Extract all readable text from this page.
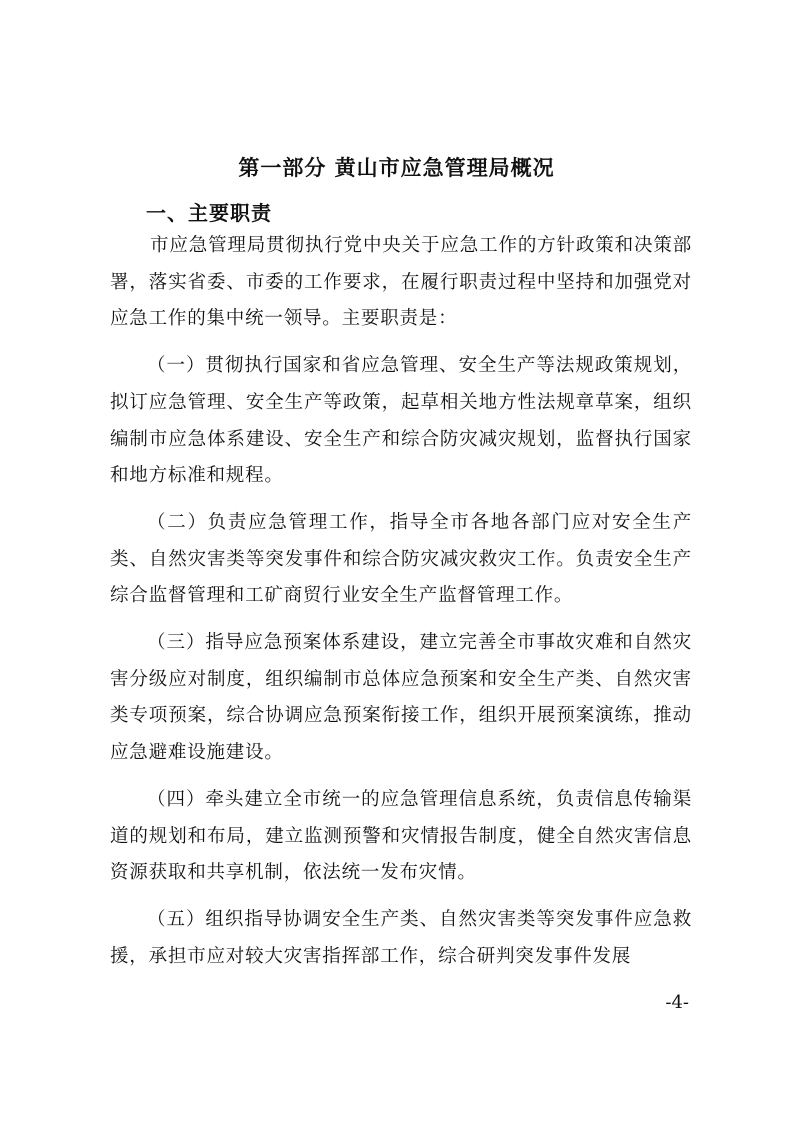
第一部分 黄山市应急管理局概况
一、主要职责

市应急管理局贯彻执行党中央关于应急工作的方针政策和决策部署，落实省委、市委的工作要求，在履行职责过程中坚持和加强党对应急工作的集中统一领导。主要职责是：

（一）贯彻执行国家和省应急管理、安全生产等法规政策规划，拟订应急管理、安全生产等政策，起草相关地方性法规章草案，组织编制市应急体系建设、安全生产和综合防灾减灾规划，监督执行国家和地方标准和规程。

（二）负责应急管理工作，指导全市各地各部门应对安全生产类、自然灾害类等突发事件和综合防灾减灾救灾工作。负责安全生产综合监督管理和工矿商贸行业安全生产监督管理工作。

（三）指导应急预案体系建设，建立完善全市事故灾难和自然灾害分级应对制度，组织编制市总体应急预案和安全生产类、自然灾害类专项预案，综合协调应急预案衔接工作，组织开展预案演练，推动应急避难设施建设。

（四）牵头建立全市统一的应急管理信息系统，负责信息传输渠道的规划和布局，建立监测预警和灾情报告制度，健全自然灾害信息资源获取和共享机制，依法统一发布灾情。

（五）组织指导协调安全生产类、自然灾害类等突发事件应急救援，承担市应对较大灾害指挥部工作，综合研判突发事件发展

-4-
